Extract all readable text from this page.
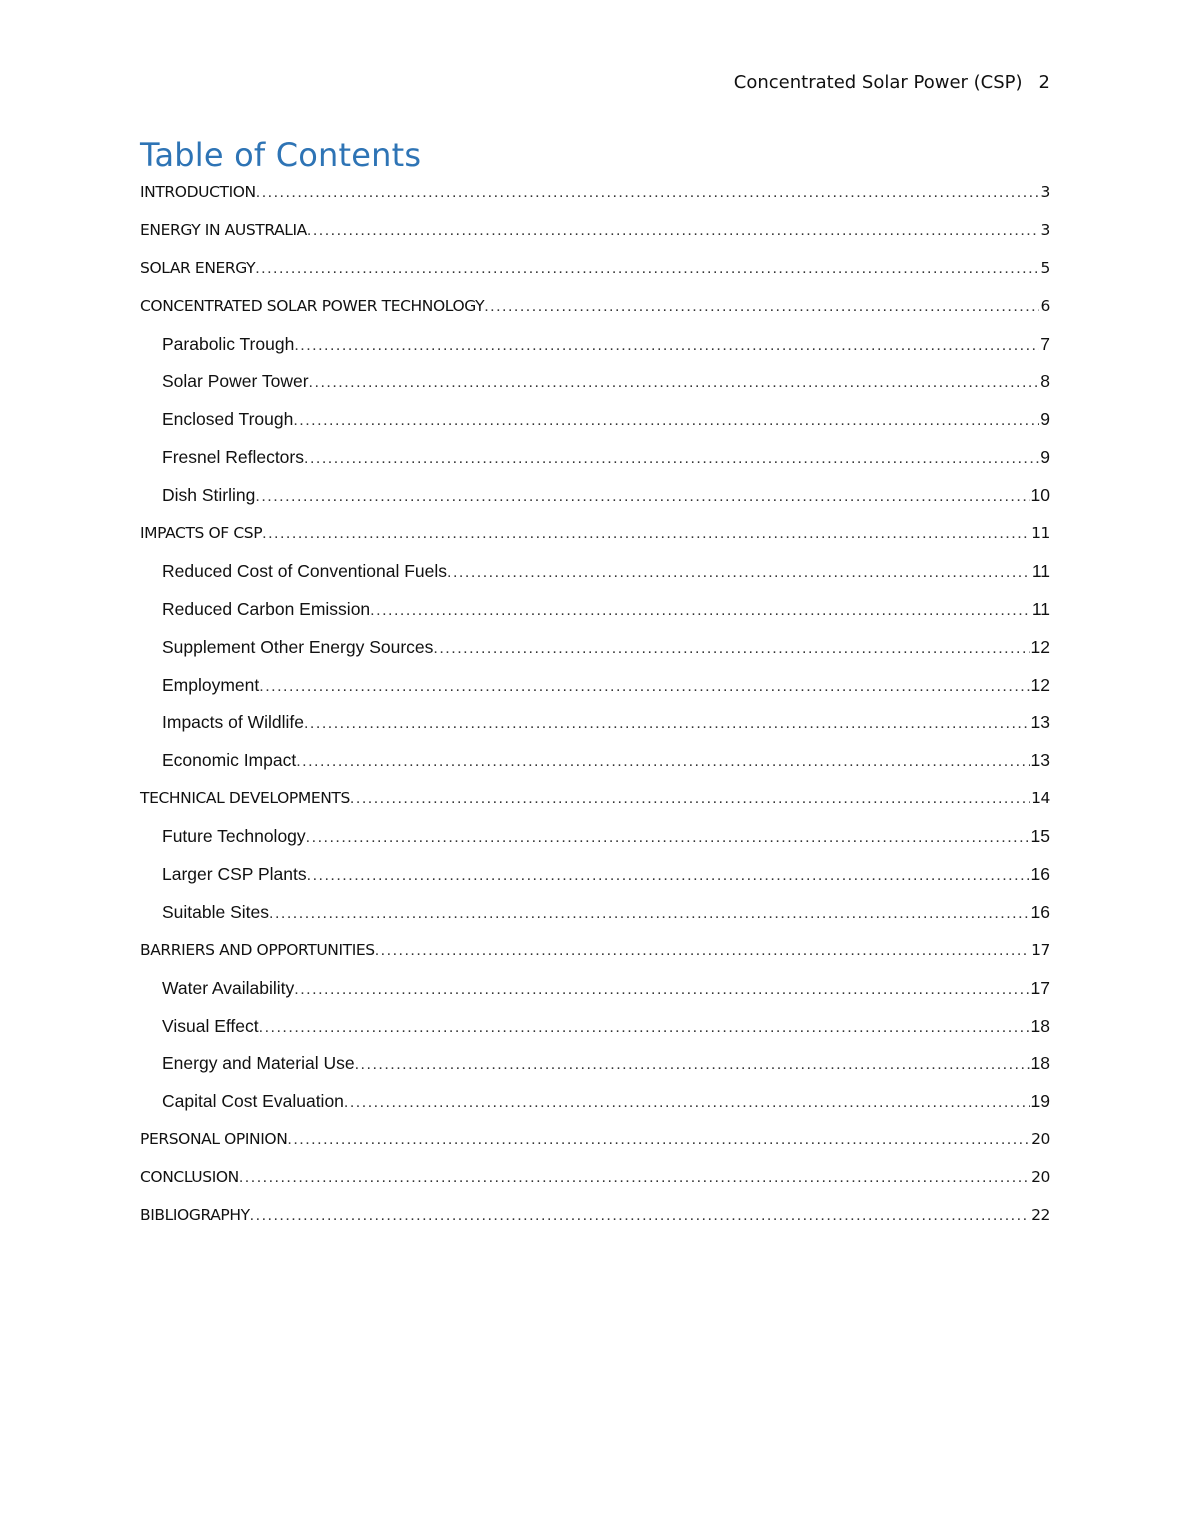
Concentrated Solar Power (CSP) 2
Table of Contents
INTRODUCTION .....	3
ENERGY IN AUSTRALIA .....	3
SOLAR ENERGY .....	5
CONCENTRATED SOLAR POWER TECHNOLOGY .....	6
Parabolic Trough .....	7
Solar Power Tower .....	8
Enclosed Trough .....	9
Fresnel Reflectors .....	9
Dish Stirling .....	10
IMPACTS OF CSP .....	11
Reduced Cost of Conventional Fuels .....	11
Reduced Carbon Emission .....	11
Supplement Other Energy Sources .....	12
Employment .....	12
Impacts of Wildlife .....	13
Economic Impact .....	13
TECHNICAL DEVELOPMENTS .....	14
Future Technology .....	15
Larger CSP Plants .....	16
Suitable Sites .....	16
BARRIERS AND OPPORTUNITIES .....	17
Water Availability .....	17
Visual Effect .....	18
Energy and Material Use .....	18
Capital Cost Evaluation .....	19
PERSONAL OPINION .....	20
CONCLUSION .....	20
BIBLIOGRAPHY .....	22
